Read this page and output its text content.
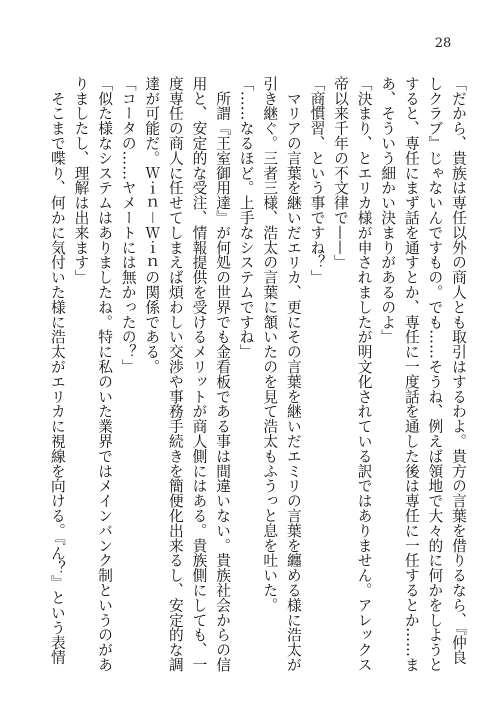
28
「だから、貴族は専任以外の商人とも取引はするわよ。貴方の言葉を借りるなら、『仲良
しクラブ』じゃないんですもの。でも……そうね、例えば領地で大々的に何かをしようと
すると、専任にまず話を通すとか、専任に一度話を通した後は専任に一任するとか……ま
あ、そういう細かい決まりがあるのよ」
「決まり、とエリカ様が申されましたが明文化されている訳ではありません。アレックス
帝以来千年の不文律で——」
「商慣習、という事ですね？」
　マリアの言葉を継いだエリカ、更にその言葉を継いだエミリの言葉を纏める様に浩太が
引き継ぐ。三者三様、浩太の言葉に頷いたのを見て浩太もふうっと息を吐いた。
「……なるほど。上手なシステムですね」
　所謂『王室御用達』が何処の世界でも金看板である事は間違いない。貴族社会からの信
用と、安定的な受注、情報提供を受けるメリットが商人側にはある。貴族側にしても、一
度専任の商人に任せてしまえば煩わしい交渉や事務手続きを簡便化出来るし、安定的な調
達が可能だ。Ｗｉｎ－Ｗｉｎの関係である。
「コータの……ヤメートには無かったの？」
「似た様なシステムはありましたね。特に私のいた業界ではメインバンク制というのがあ
りましたし、理解は出来ます」
　そこまで喋り、何かに気付いた様に浩太がエリカに視線を向ける。『ん？』という表情
